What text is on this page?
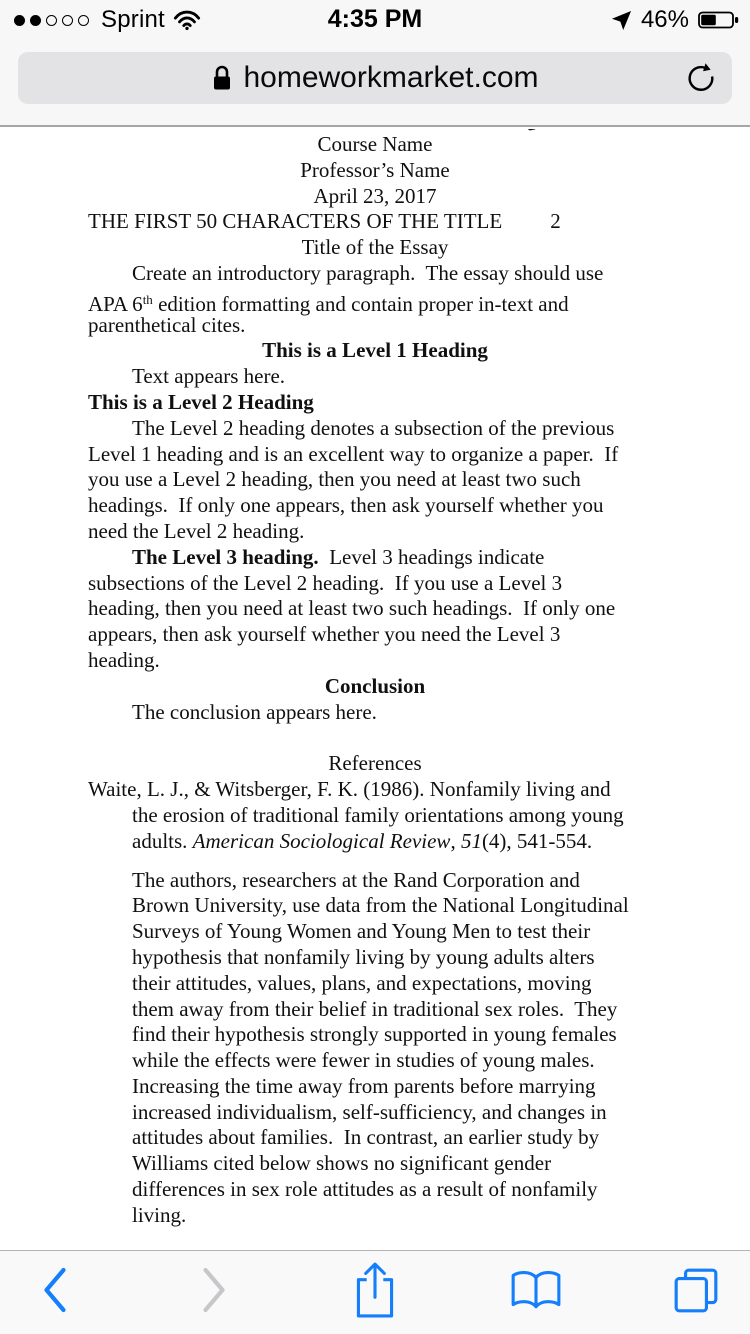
Sprint	4:35 PM	46%
homeworkmarket.com
Course Name
Professor’s Name
April 23, 2017
THE FIRST 50 CHARACTERS OF THE TITLE 2
Title of the Essay
Create an introductory paragraph.  The essay should use
APA 6th edition formatting and contain proper in-text and
parenthetical cites.
This is a Level 1 Heading
Text appears here.
This is a Level 2 Heading
The Level 2 heading denotes a subsection of the previous
Level 1 heading and is an excellent way to organize a paper.  If
you use a Level 2 heading, then you need at least two such
headings.  If only one appears, then ask yourself whether you
need the Level 2 heading.
The Level 3 heading.  Level 3 headings indicate
subsections of the Level 2 heading.  If you use a Level 3
heading, then you need at least two such headings.  If only one
appears, then ask yourself whether you need the Level 3
heading.
Conclusion
The conclusion appears here.
References
Waite, L. J., & Witsberger, F. K. (1986). Nonfamily living and
the erosion of traditional family orientations among young
adults. American Sociological Review, 51(4), 541-554.
The authors, researchers at the Rand Corporation and
Brown University, use data from the National Longitudinal
Surveys of Young Women and Young Men to test their
hypothesis that nonfamily living by young adults alters
their attitudes, values, plans, and expectations, moving
them away from their belief in traditional sex roles.  They
find their hypothesis strongly supported in young females
while the effects were fewer in studies of young males.
Increasing the time away from parents before marrying
increased individualism, self-sufficiency, and changes in
attitudes about families.  In contrast, an earlier study by
Williams cited below shows no significant gender
differences in sex role attitudes as a result of nonfamily
living.
